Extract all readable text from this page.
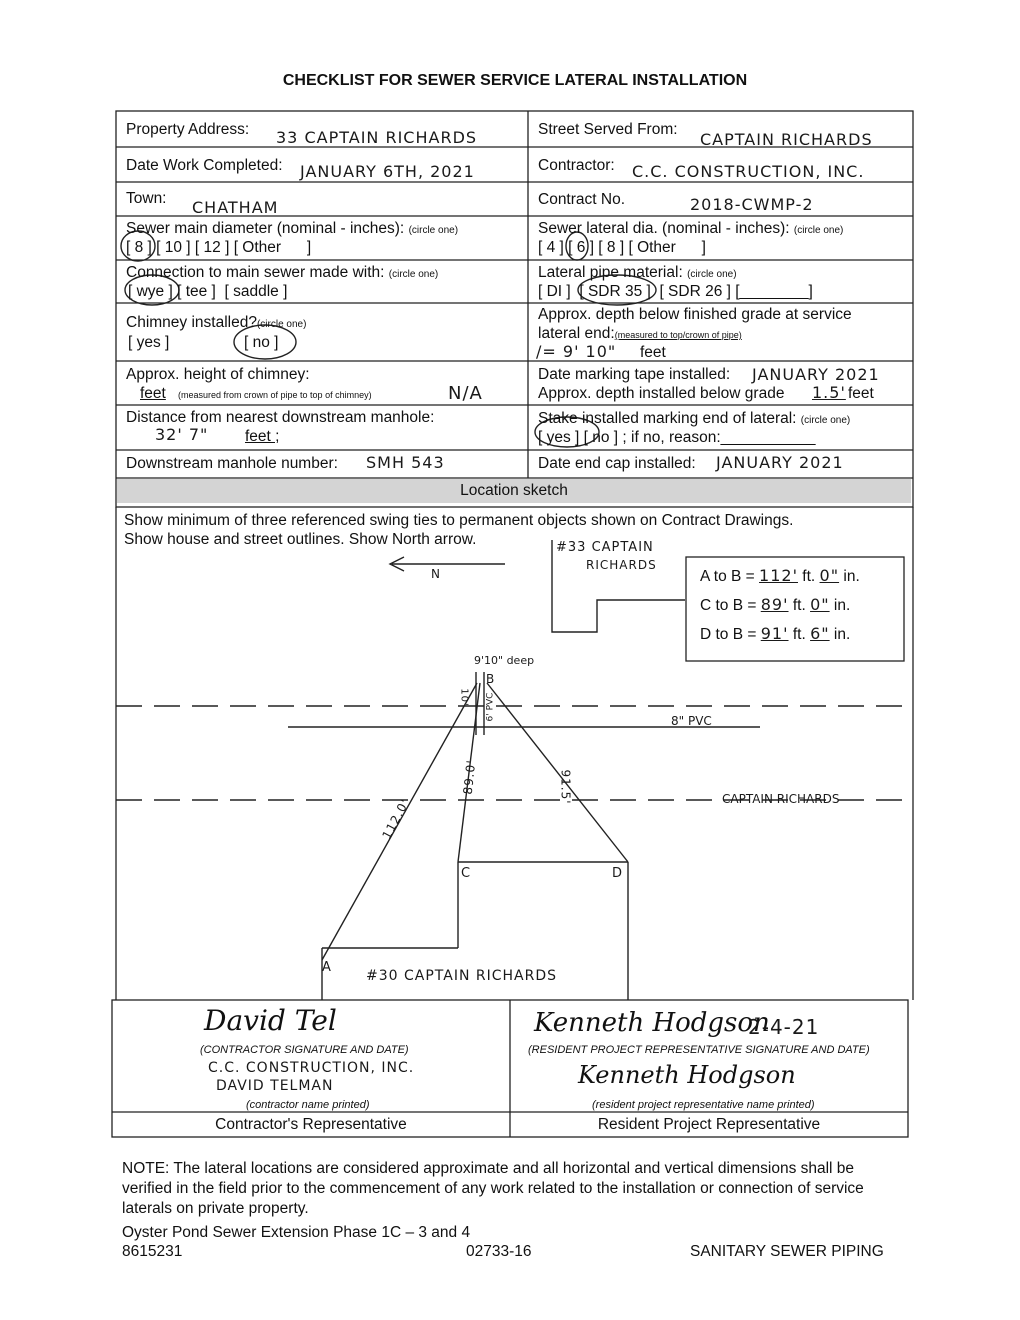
CHECKLIST FOR SEWER SERVICE LATERAL INSTALLATION
Property Address: 33 CAPTAIN RICHARDS	Street Served From:
CAPTAIN RICHARDS
Date Work Completed: JANUARY 6TH, 2021	Contractor: C.C. CONSTRUCTION, INC.
Town: CHATHAM	Contract No.	2018-CWMP-2
Sewer main diameter (nominal - inches): (circle one)
[ 8 ] [ 10 ] [ 12 ] [ Other      ]
Sewer lateral dia. (nominal - inches): (circle one)
[ 4 ] [ 6 ] [ 8 ] [ Other      ]
Connection to main sewer made with: (circle one)
[ wye ] [ tee ]  [ saddle ]
Lateral pipe material: (circle one)
[ DI ]  [ SDR 35 ]  [ SDR 26 ] [________]
Chimney installed?(circle one)
[ yes ]	[ no ]
Approx. depth below finished grade at service
lateral end:(measured to top/crown of pipe)
/= 9' 10" feet
Approx. height of chimney:
feet (measured from crown of pipe to top of chimney)	N/A
Date marking tape installed: JANUARY 2021
Approx. depth installed below grade 1.5' feet
Distance from nearest downstream manhole:
32' 7" feet ;
Stake installed marking end of lateral: (circle one)
[ yes ] [ no ] ; if no, reason:___________
Downstream manhole number: SMH 543	Date end cap installed: JANUARY 2021
Location sketch
Show minimum of three referenced swing ties to permanent objects shown on Contract Drawings.
Show house and street outlines. Show North arrow.
N
#33 CAPTAIN
RICHARDS
A to B = 112' ft. 0" in.
C to B = 89' ft. 0" in.
D to B = 91' ft. 6" in.
9'10" deep
B
8" PVC
10' 6' PVC
112.0'
89.0'	91.5'	CAPTAIN RICHARDS
A
C	D
#30 CAPTAIN RICHARDS
David Tel
(CONTRACTOR SIGNATURE AND DATE)
C.C. CONSTRUCTION, INC.
DAVID TELMAN
(contractor name printed)
Contractor's Representative
Kenneth Hodgson
2-4-21
(RESIDENT PROJECT REPRESENTATIVE SIGNATURE AND DATE)
Kenneth Hodgson
(resident project representative name printed)
Resident Project Representative
NOTE: The lateral locations are considered approximate and all horizontal and vertical dimensions shall be verified in the field prior to the commencement of any work related to the installation or connection of service laterals on private property.
Oyster Pond Sewer Extension Phase 1C – 3 and 4
8615231	02733-16	SANITARY SEWER PIPING
